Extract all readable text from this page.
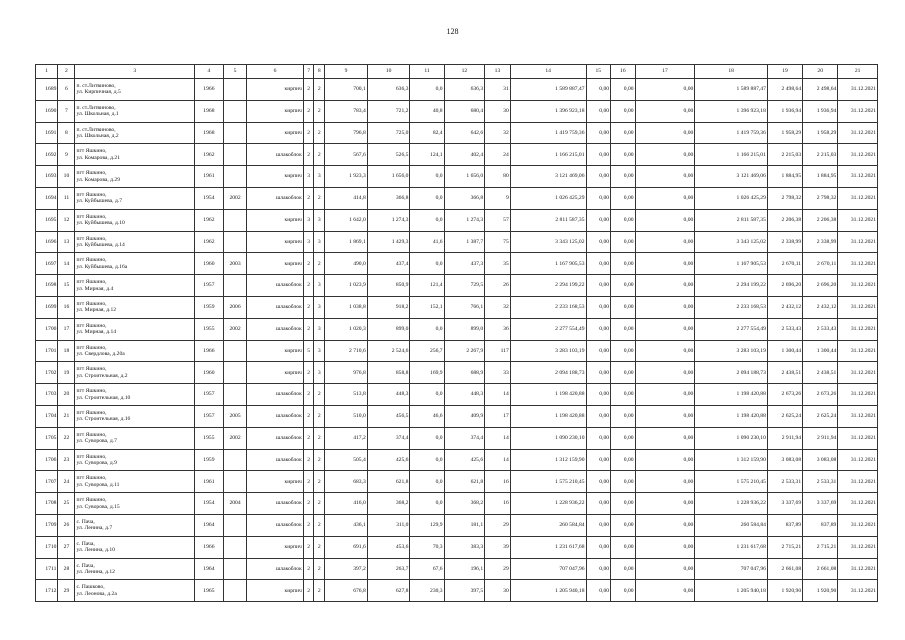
128
1	2	3	4	5	6	7	8	9	10	11	12	13	14	15	16	17	18	19	20	21
1689	6	п. ст.Литвиново,
ул. Кирпичная, д.5	1966		кирпич	2	2	700,1	636,3	0,0	636,3	31	1 589 887,47	0,00	0,00	0,00	1 589 887,47	2 498,64	2 498,64	31.12.2021
1690	7	п. ст.Литвиново,
ул. Школьная, д.1	1968		кирпич	2	2	783,4	721,2	40,8	680,4	30	1 396 923,18	0,00	0,00	0,00	1 396 923,18	1 936,94	1 936,94	31.12.2021
1691	8	п. ст.Литвиново,
ул. Школьная, д.2	1968		кирпич	2	2	796,8	725,0	82,4	642,6	32	1 419 759,36	0,00	0,00	0,00	1 419 759,36	1 958,29	1 958,29	31.12.2021
1692	9	пгт Яшкино,
ул. Комарова, д.21	1962		шлакоблок	2	2	567,6	526,5	124,1	402,4	24	1 166 215,01	0,00	0,00	0,00	1 166 215,01	2 215,03	2 215,03	31.12.2021
1693	10	пгт Яшкино,
ул. Комарова, д.29	1961		кирпич	3	3	1 923,3	1 656,0	0,0	1 656,0	80	3 121 469,06	0,00	0,00	0,00	3 121 469,06	1 884,95	1 884,95	31.12.2021
1694	11	пгт Яшкино,
ул. Куйбышева, д.7	1954	2002	шлакоблок	2	2	414,8	366,8	0,0	366,8	9	1 026 425,29	0,00	0,00	0,00	1 026 425,29	2 798,32	2 798,32	31.12.2021
1695	12	пгт Яшкино,
ул. Куйбышева, д.10	1962		кирпич	3	3	1 642,0	1 274,3	0,0	1 274,3	57	2 811 587,35	0,00	0,00	0,00	2 811 587,35	2 206,38	2 206,38	31.12.2021
1696	13	пгт Яшкино,
ул. Куйбышева, д.14	1962		кирпич	3	3	1 869,1	1 429,3	41,6	1 387,7	75	3 343 125,02	0,00	0,00	0,00	3 343 125,02	2 338,99	2 338,99	31.12.2021
1697	14	пгт Яшкино,
ул. Куйбышева, д.16а	1960	2003	кирпич	2	2	490,0	437,4	0,0	437,3	35	1 167 905,53	0,00	0,00	0,00	1 167 905,53	2 670,11	2 670,11	31.12.2021
1698	15	пгт Яшкино,
ул. Мирная, д.4	1957		шлакоблок	2	3	1 023,9	850,9	121,4	729,5	26	2 294 199,22	0,00	0,00	0,00	2 294 199,22	2 696,20	2 696,20	31.12.2021
1699	16	пгт Яшкино,
ул. Мирная, д.12	1959	2006	шлакоблок	2	3	1 038,8	918,2	152,1	766,1	32	2 233 168,53	0,00	0,00	0,00	2 233 168,53	2 432,12	2 432,12	31.12.2021
1700	17	пгт Яшкино,
ул. Мирная, д.14	1955	2002	шлакоблок	2	3	1 020,3	899,0	0,0	899,0	36	2 277 554,49	0,00	0,00	0,00	2 277 554,49	2 533,43	2 533,43	31.12.2021
1701	18	пгт Яшкино,
ул. Свердлова, д.20а	1966		кирпич	5	3	2 710,6	2 524,6	256,7	2 267,9	117	3 283 103,19	0,00	0,00	0,00	3 283 103,19	1 300,44	1 300,44	31.12.2021
1702	19	пгт Яшкино,
ул. Строительная, д.2	1960		кирпич	2	3	976,8	858,8	169,9	688,9	33	2 094 188,73	0,00	0,00	0,00	2 094 188,73	2 438,51	2 438,51	31.12.2021
1703	20	пгт Яшкино,
ул. Строительная, д.10	1957		шлакоблок	2	2	513,8	448,3	0,0	448,3	14	1 198 420,88	0,00	0,00	0,00	1 198 420,88	2 673,26	2 673,26	31.12.2021
1704	21	пгт Яшкино,
ул. Строительная, д.16	1957	2005	шлакоблок	2	2	510,0	456,5	46,6	409,9	17	1 198 420,88	0,00	0,00	0,00	1 198 420,88	2 625,24	2 625,24	31.12.2021
1705	22	пгт Яшкино,
ул. Суворова, д.7	1955	2002	шлакоблок	2	2	417,2	374,4	0,0	374,4	14	1 090 230,10	0,00	0,00	0,00	1 090 230,10	2 911,94	2 911,94	31.12.2021
1706	23	пгт Яшкино,
ул. Суворова, д.9	1959		шлакоблок	2	2	505,4	425,6	0,0	425,6	14	1 312 159,90	0,00	0,00	0,00	1 312 159,90	3 083,08	3 083,08	31.12.2021
1707	24	пгт Яшкино,
ул. Суворова, д.11	1961		кирпич	2	2	683,3	621,8	0,0	621,8	16	1 575 210,45	0,00	0,00	0,00	1 575 210,45	2 533,31	2 533,31	31.12.2021
1708	25	пгт Яшкино,
ул. Суворова, д.15	1954	2004	шлакоблок	2	2	416,0	368,2	0,0	368,2	16	1 228 936,22	0,00	0,00	0,00	1 228 936,22	3 337,69	3 337,69	31.12.2021
1709	26	с. Пача,
ул. Ленина, д.7	1964		шлакоблок	2	2	436,1	311,0	129,9	181,1	29	260 584,84	0,00	0,00	0,00	260 584,84	837,89	837,89	31.12.2021
1710	27	с. Пача,
ул. Ленина, д.10	1966		кирпич	2	2	691,6	453,6	70,3	383,3	39	1 231 617,68	0,00	0,00	0,00	1 231 617,68	2 715,21	2 715,21	31.12.2021
1711	28	с. Пача,
ул. Ленина, д.12	1964		шлакоблок	2	2	397,2	263,7	67,6	196,1	29	707 047,96	0,00	0,00	0,00	707 047,96	2 661,08	2 661,08	31.12.2021
1712	29	с. Пашково,
ул. Леонова, д.2а	1965		кирпич	2	2	676,8	627,8	230,3	397,5	30	1 205 940,18	0,00	0,00	0,00	1 205 940,18	1 920,90	1 920,90	31.12.2021
